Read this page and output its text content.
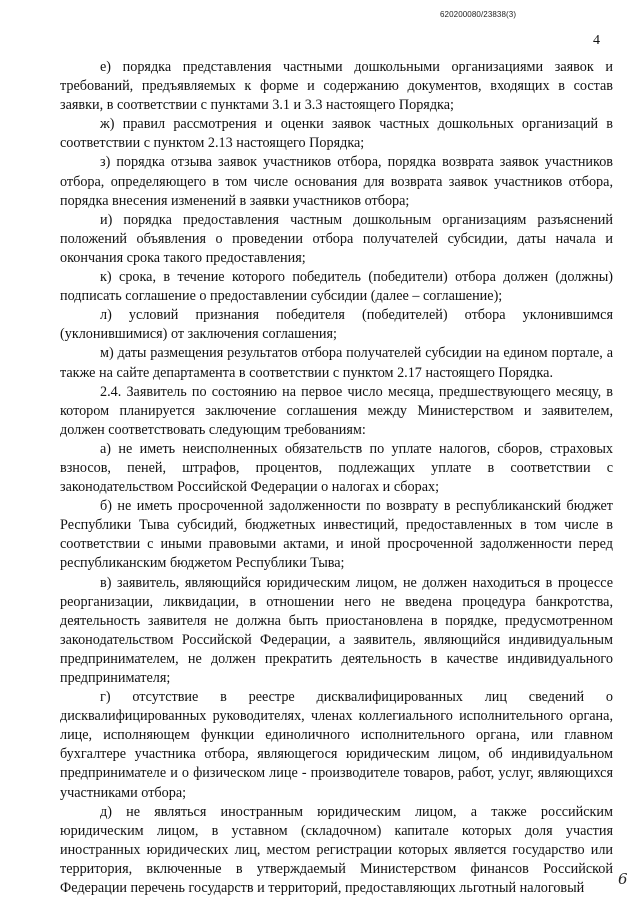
620200080/23838(3)
4

е) порядка представления частными дошкольными организациями заявок и требований, предъявляемых к форме и содержанию документов, входящих в состав заявки, в соответствии с пунктами 3.1 и 3.3 настоящего Порядка;

ж) правил рассмотрения и оценки заявок частных дошкольных организаций в соответствии с пунктом 2.13 настоящего Порядка;

з) порядка отзыва заявок участников отбора, порядка возврата заявок участников отбора, определяющего в том числе основания для возврата заявок участников отбора, порядка внесения изменений в заявки участников отбора;

и) порядка предоставления частным дошкольным организациям разъяснений положений объявления о проведении отбора получателей субсидии, даты начала и окончания срока такого предоставления;

к) срока, в течение которого победитель (победители) отбора должен (должны) подписать соглашение о предоставлении субсидии (далее – соглашение);

л) условий признания победителя (победителей) отбора уклонившимся (уклонившимися) от заключения соглашения;

м) даты размещения результатов отбора получателей субсидии на едином портале, а также на сайте департамента в соответствии с пунктом 2.17 настоящего Порядка.

2.4. Заявитель по состоянию на первое число месяца, предшествующего месяцу, в котором планируется заключение соглашения между Министерством и заявителем, должен соответствовать следующим требованиям:

а) не иметь неисполненных обязательств по уплате налогов, сборов, страховых взносов, пеней, штрафов, процентов, подлежащих уплате в соответствии с законодательством Российской Федерации о налогах и сборах;

б) не иметь просроченной задолженности по возврату в республиканский бюджет Республики Тыва субсидий, бюджетных инвестиций, предоставленных в том числе в соответствии с иными правовыми актами, и иной просроченной задолженности перед республиканским бюджетом Республики Тыва;

в) заявитель, являющийся юридическим лицом, не должен находиться в процессе реорганизации, ликвидации, в отношении него не введена процедура банкротства, деятельность заявителя не должна быть приостановлена в порядке, предусмотренном законодательством Российской Федерации, а заявитель, являющийся индивидуальным предпринимателем, не должен прекратить деятельность в качестве индивидуального предпринимателя;

г) отсутствие в реестре дисквалифицированных лиц сведений о дисквалифицированных руководителях, членах коллегиального исполнительного органа, лице, исполняющем функции единоличного исполнительного органа, или главном бухгалтере участника отбора, являющегося юридическим лицом, об индивидуальном предпринимателе и о физическом лице - производителе товаров, работ, услуг, являющихся участниками отбора;

д) не являться иностранным юридическим лицом, а также российским юридическим лицом, в уставном (складочном) капитале которых доля участия иностранных юридических лиц, местом регистрации которых является государство или территория, включенные в утверждаемый Министерством финансов Российской Федерации перечень государств и территорий, предоставляющих льготный налоговый

6
